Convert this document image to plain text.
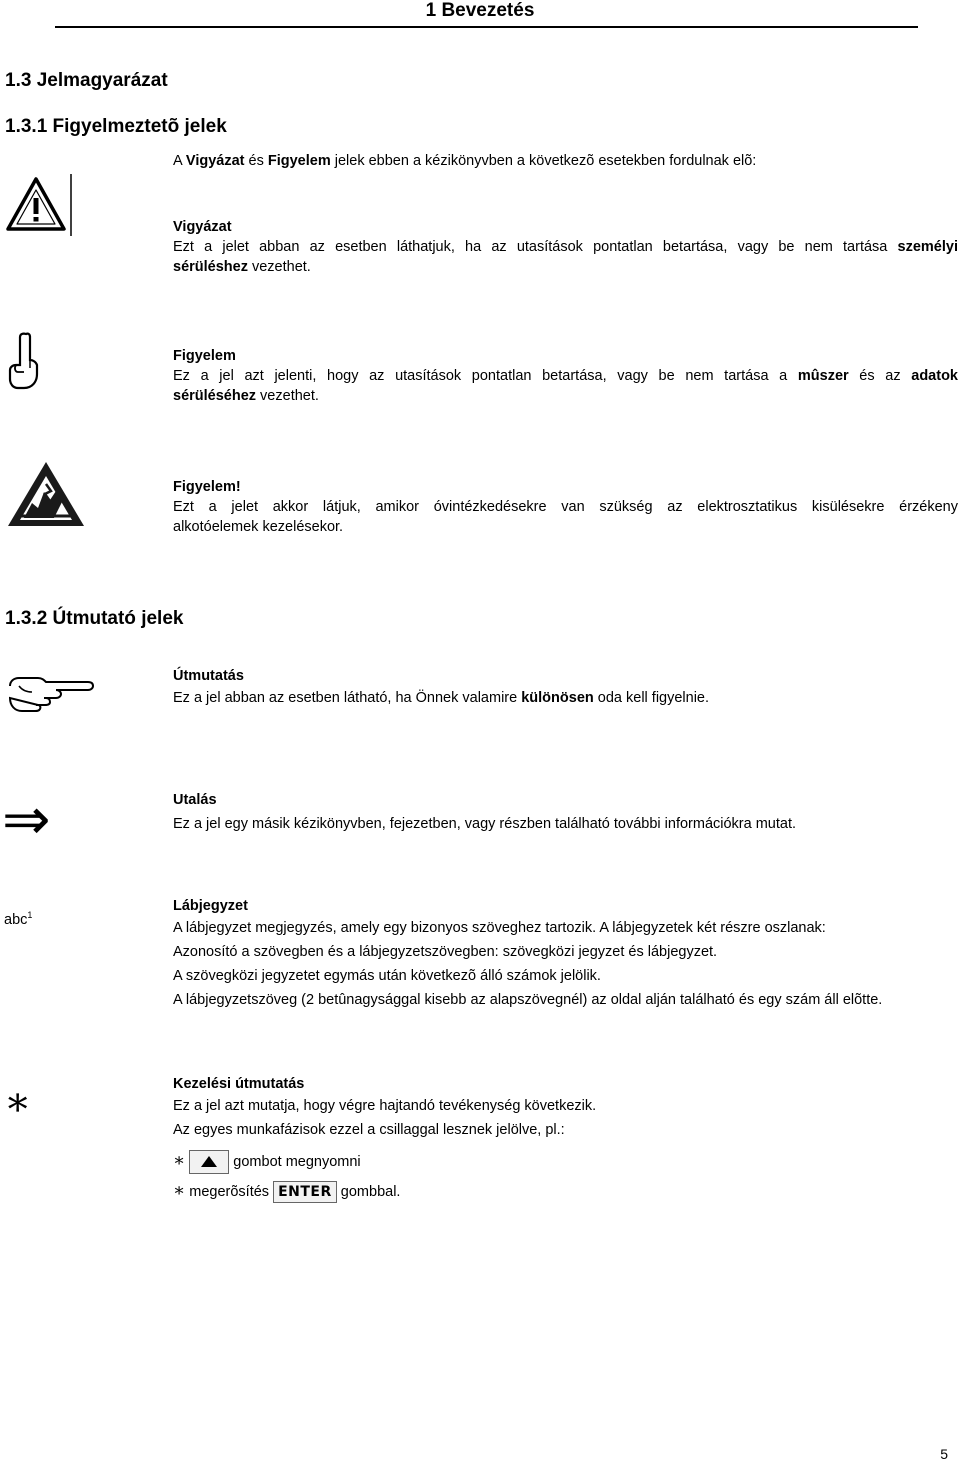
1 Bevezetés
1.3 Jelmagyarázat
1.3.1 Figyelmeztetõ jelek
A Vigyázat és Figyelem jelek ebben a kézikönyvben a következõ esetekben fordulnak elõ:
Vigyázat
Ezt a jelet abban az esetben láthatjuk, ha az utasítások pontatlan betartása, vagy be nem tartása személyi
sérüléshez vezethet.
Figyelem
Ez a jel azt jelenti, hogy az utasítások pontatlan betartása, vagy be nem tartása a mûszer és az adatok
sérüléséhez vezethet.
Figyelem!
Ezt a jelet akkor látjuk, amikor óvintézkedésekre van szükség az elektrosztatikus kisülésekre érzékeny
alkotóelemek kezelésekor.
1.3.2 Útmutató jelek
Útmutatás
Ez a jel abban az esetben látható, ha Önnek valamire különösen oda kell figyelnie.
⇒	Utalás
Ez a jel egy másik kézikönyvben, fejezetben, vagy részben található további információkra mutat.
abc$^1$
Lábjegyzet
A lábjegyzet megjegyzés, amely egy bizonyos szöveghez tartozik. A lábjegyzetek két részre oszlanak:
Azonosító a szövegben és a lábjegyzetszövegben: szövegközi jegyzet és lábjegyzet.
A szövegközi jegyzetet egymás után következõ álló számok jelölik.
A lábjegyzetszöveg (2 betûnagysággal kisebb az alapszövegnél) az oldal alján található és egy szám áll elõtte.
∗	Kezelési útmutatás
Ez a jel azt mutatja, hogy végre hajtandó tevékenység következik.
Az egyes munkafázisok ezzel a csillaggal lesznek jelölve, pl.:
∗	gombot megnyomni
∗ megerõsítés ENTER gombbal.
5
